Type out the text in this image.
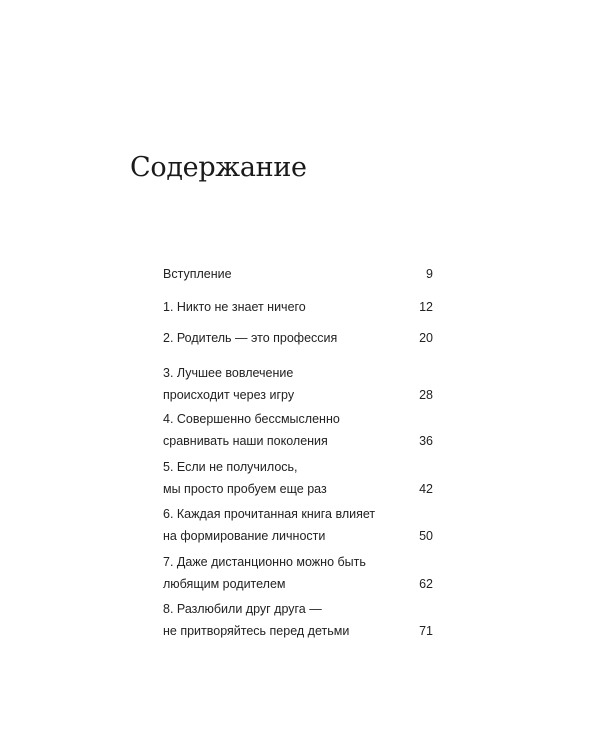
Содержание
Вступление	9
1. Никто не знает ничего	12
2. Родитель — это профессия	20
3. Лучшее вовлечение
происходит через игру	28
4. Совершенно бессмысленно
сравнивать наши поколения	36
5. Если не получилось,
мы просто пробуем еще раз	42
6. Каждая прочитанная книга влияет
на формирование личности	50
7. Даже дистанционно можно быть
любящим родителем	62
8. Разлюбили друг друга —
не притворяйтесь перед детьми	71
